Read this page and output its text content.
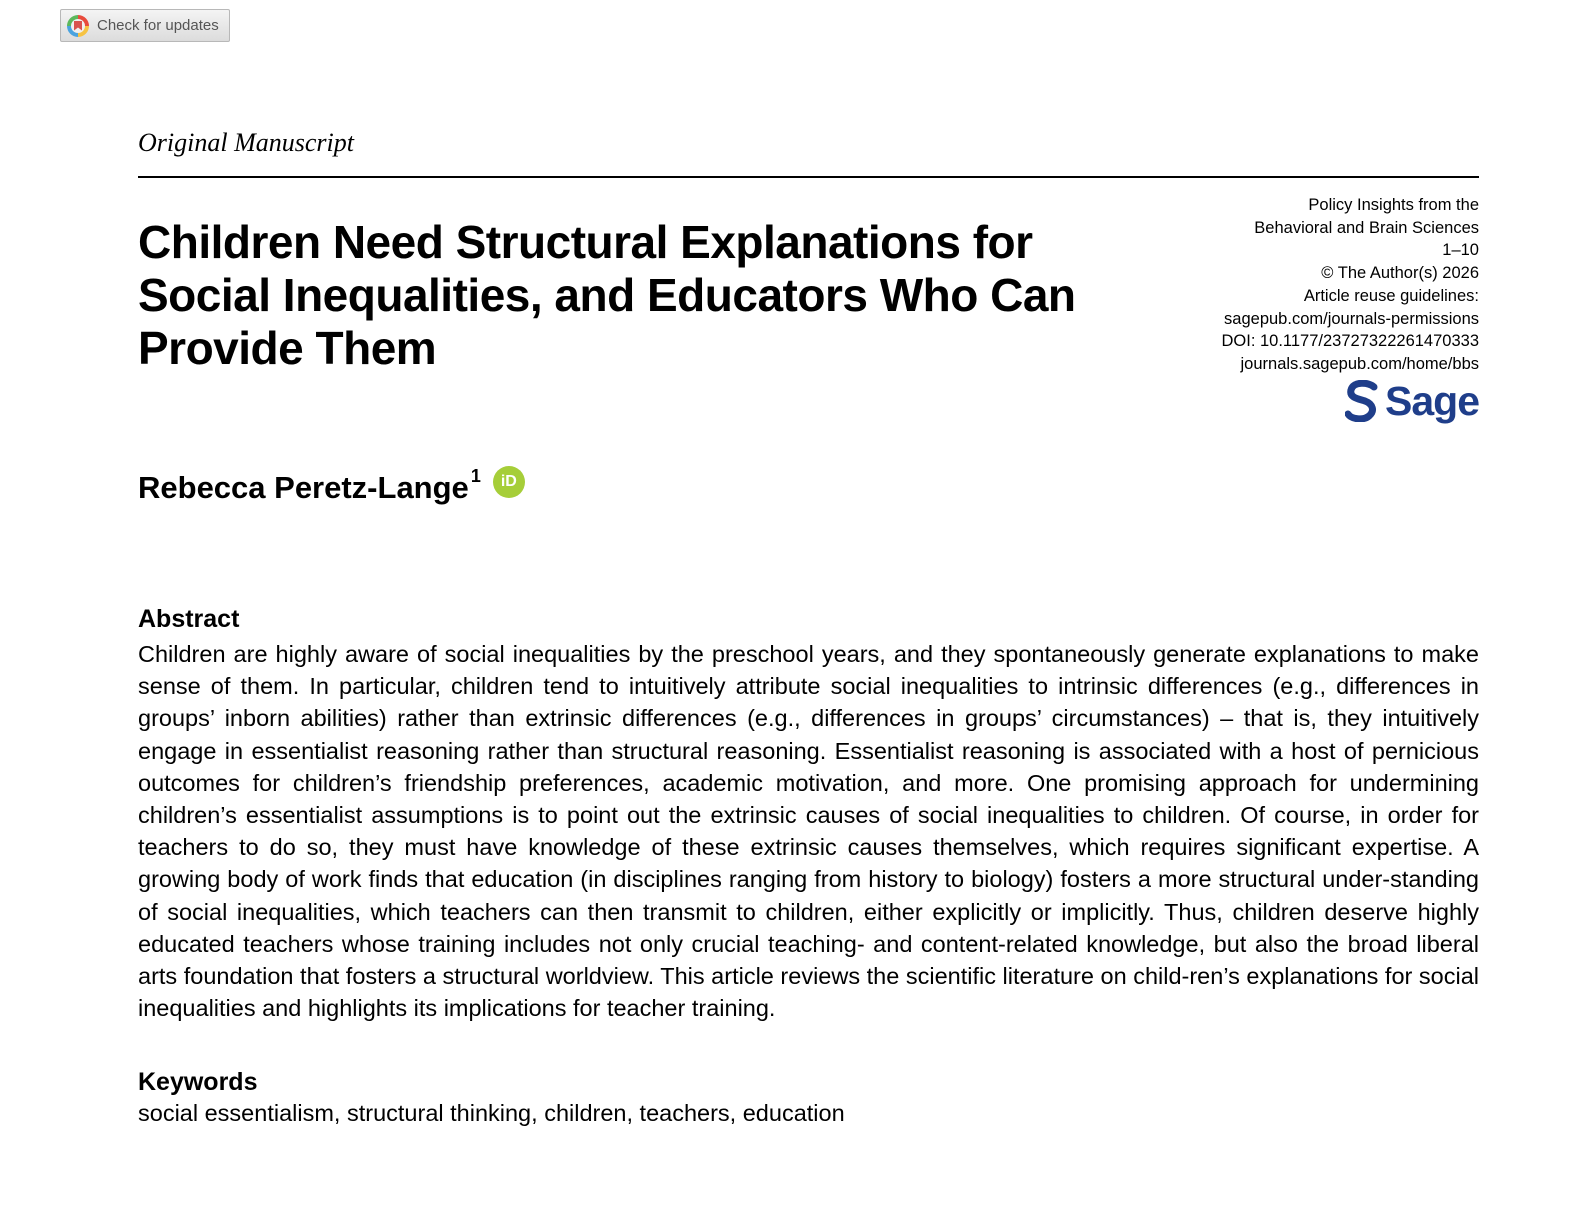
Check for updates
Original Manuscript
Children Need Structural Explanations for Social Inequalities, and Educators Who Can Provide Them
Policy Insights from the
Behavioral and Brain Sciences
1–10
© The Author(s) 2026
Article reuse guidelines:
sagepub.com/journals-permissions
DOI: 10.1177/23727322261470333
journals.sagepub.com/home/bbs
Sage
Rebecca Peretz-Lange$^1$	iD
Abstract
Children are highly aware of social inequalities by the preschool years, and they spontaneously generate explanations to make sense of them. In particular, children tend to intuitively attribute social inequalities to intrinsic differences (e.g., differences in groups’ inborn abilities) rather than extrinsic differences (e.g., differences in groups’ circumstances) – that is, they intuitively engage in essentialist reasoning rather than structural reasoning. Essentialist reasoning is associated with a host of pernicious outcomes for children’s friendship preferences, academic motivation, and more. One promising approach for undermining children’s essentialist assumptions is to point out the extrinsic causes of social inequalities to children. Of course, in order for teachers to do so, they must have knowledge of these extrinsic causes themselves, which requires significant expertise. A growing body of work finds that education (in disciplines ranging from history to biology) fosters a more structural under-standing of social inequalities, which teachers can then transmit to children, either explicitly or implicitly. Thus, children deserve highly educated teachers whose training includes not only crucial teaching- and content-related knowledge, but also the broad liberal arts foundation that fosters a structural worldview. This article reviews the scientific literature on child-ren’s explanations for social inequalities and highlights its implications for teacher training.
Keywords
social essentialism, structural thinking, children, teachers, education
